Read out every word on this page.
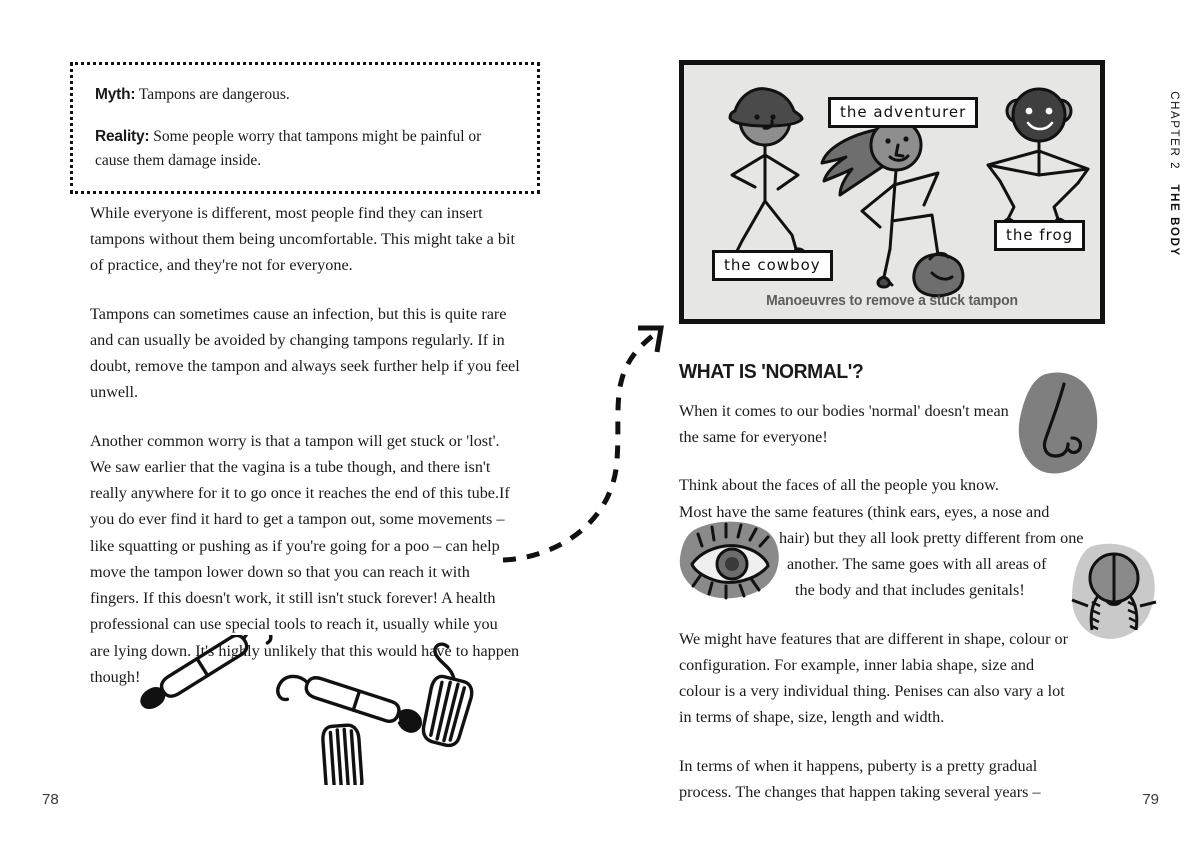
Myth: Tampons are dangerous.

Reality: Some people worry that tampons might be painful or cause them damage inside.

While everyone is different, most people find they can insert tampons without them being uncomfortable. This might take a bit of practice, and they're not for everyone.

Tampons can sometimes cause an infection, but this is quite rare and can usually be avoided by changing tampons regularly. If in doubt, remove the tampon and always seek further help if you feel unwell.

Another common worry is that a tampon will get stuck or 'lost'. We saw earlier that the vagina is a tube though, and there isn't really anywhere for it to go once it reaches the end of this tube.If you do ever find it hard to get a tampon out, some movements – like squatting or pushing as if you're going for a poo – can help move the tampon lower down so that you can reach it with fingers. If this doesn't work, it still isn't stuck forever! A health professional can use special tools to reach it, usually while you are lying down. It's highly unlikely that this would have to happen though!

78
the cowboy
the adventurer
the frog
Manoeuvres to remove a stuck tampon
WHAT IS 'NORMAL'?

When it comes to our bodies 'normal' doesn't mean the same for everyone!

Think about the faces of all the people you know.
Most have the same features (think ears, eyes, a nose and
hair) but they all look pretty different from one
another. The same goes with all areas of
the body and that includes genitals!

We might have features that are different in shape, colour or configuration. For example, inner labia shape, size and colour is a very individual thing. Penises can also vary a lot in terms of shape, size, length and width.

In terms of when it happens, puberty is a pretty gradual process. The changes that happen taking several years –

CHAPTER 2   THE BODY
79
